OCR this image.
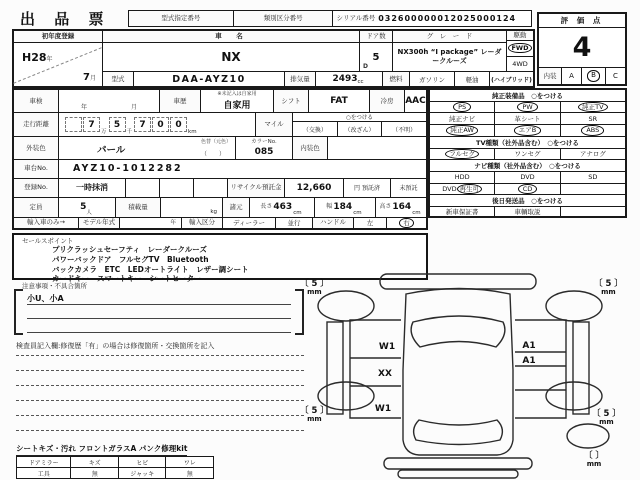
出 品 票	型式指定番号	類別区分番号	シリアル番号 032600000012025000124	評 価 点
4
内装	A	B	C
初年度登録
H28年
7月
車　名
NX
ドア数
5
D
グ　レ　ー　ド
NX300h “I package” レーダークルーズ
駆動
FWD
4WD
型式	DAA-AYZ10	排気量	2493 cc	燃料	ガソリン	軽油	(ハイブリッド)
車検
年	月
車歴
※未記入は自家用
自家用
シフト	FAT	冷房	AAC
走行距離	7
万
5
千
7	0	0
km
マイル
○をつける
（交換）	（改ざん）	（不明）
外装色	パール
色替（元色）
（　　）
カラーNo.
085	内装色
車台No.	AYZ10-1012282
登録No.	一時抹消	リサイクル預託金	12,660	円 預託済	未預託
定員	5
人
積載量
kg
諸元	長さ 463
cm
幅 184
cm
高さ 164
cm
輸入車のみ→	モデル年式	年	輸入区分	ディーラー	並行	ハンドル	左	右
純正装備品　○をつける
PS	PW	純正TV
純正ナビ	革シート	SR
純正AW	エアB	ABS
TV種類（社外品含む）　○をつける
フルセグ	ワンセグ	アナログ
ナビ種類（社外品含む）　○をつける
HDD	DVD	SD
DVD 再生可	CD
後日発送品　○をつける
新車保証書	車輌取説
セールスポイント
プリクラッシュセーフティ　レーダークルーズ
パワーバックドア　フルセグTV　Bluetooth
バックカメラ　ETC　LEDオートライト　レザー調シート
カードキー　スマートキー　シートヒーター
注意事項・不具合箇所
小U、小A
検査員記入欄:修復歴「有」の場合は修復箇所・交換箇所を記入
シートキズ・汚れ フロントガラスA パンク修理kit
ドアミラー	キズ	ヒビ	ワレ
工具	無	ジャッキ	無
W1
XX
W1
A1
A1
〔 5 〕
mm
〔 5 〕
mm
〔 5 〕
mm
〔 5 〕
mm
〔 〕
mm
